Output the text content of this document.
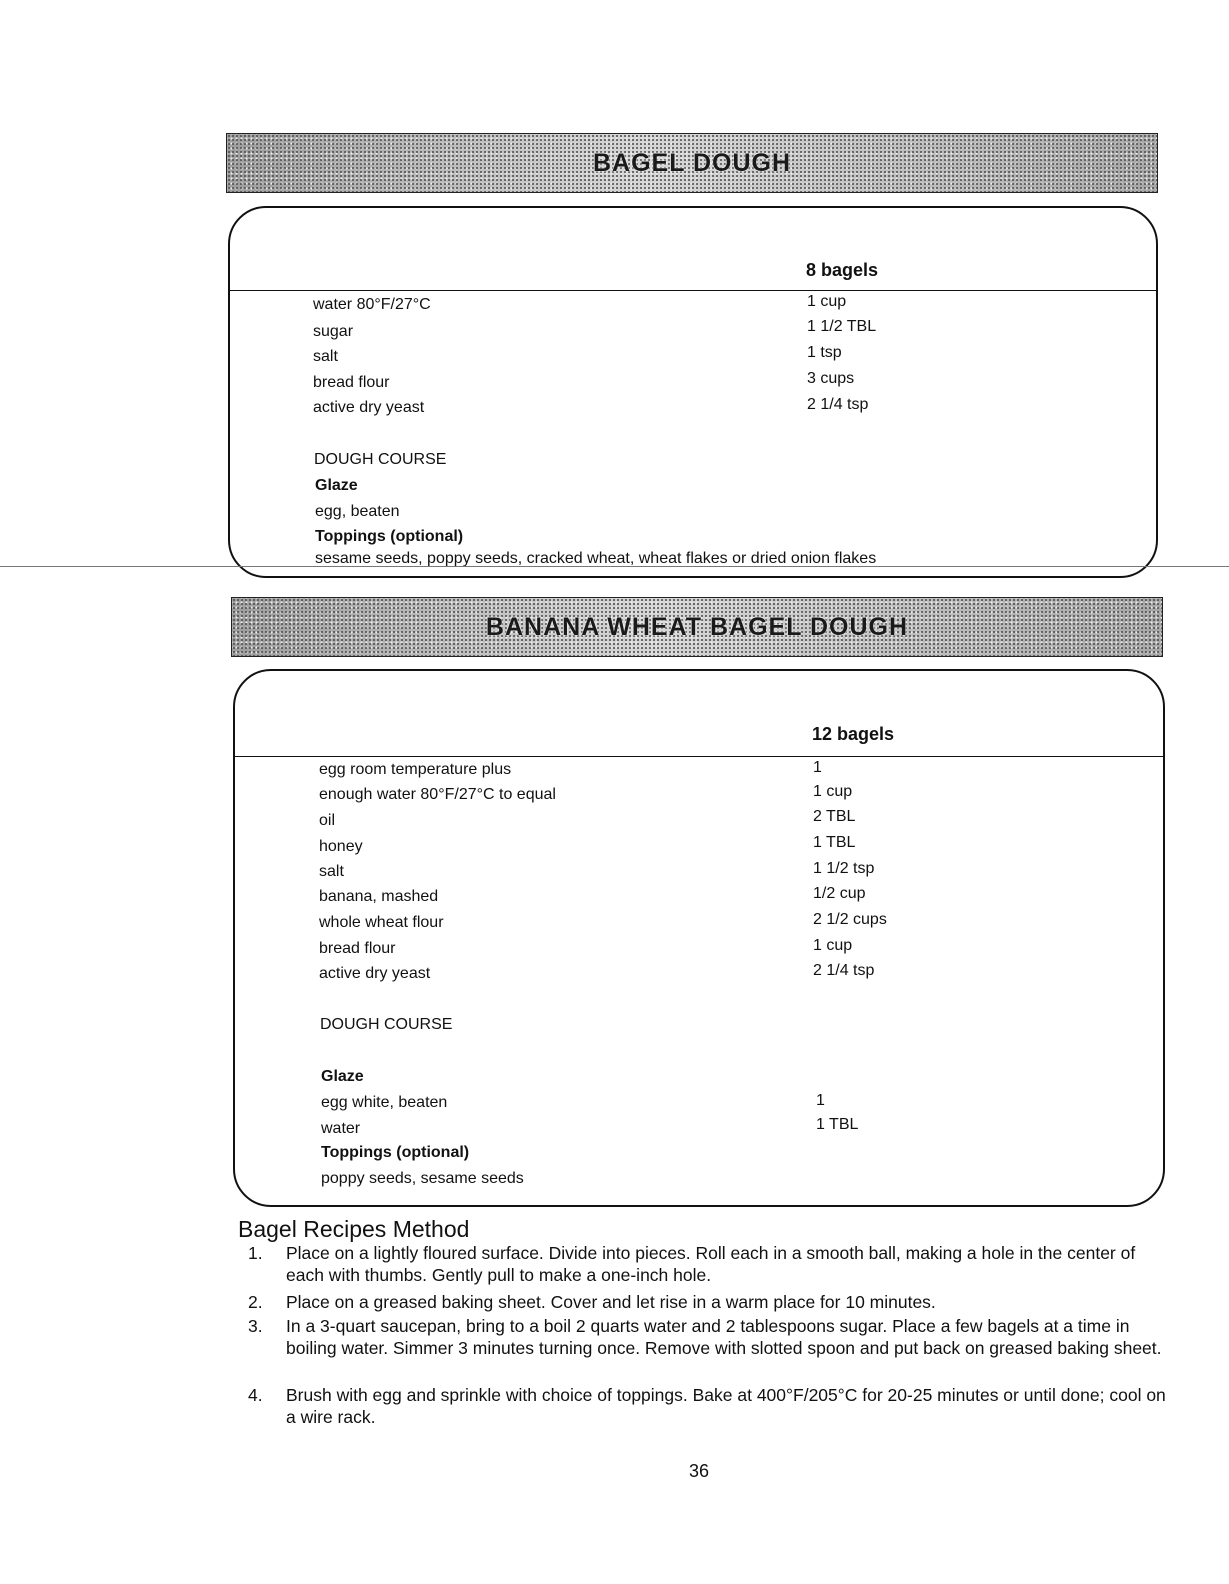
BAGEL DOUGH
8 bagels
water 80°F/27°C	1 cup
sugar	1 1/2 TBL
salt	1 tsp
bread flour	3 cups
active dry yeast	2 1/4 tsp
DOUGH COURSE
Glaze
egg, beaten
Toppings (optional)
sesame seeds, poppy seeds, cracked wheat, wheat flakes or dried onion flakes
BANANA WHEAT BAGEL DOUGH
12 bagels
egg room temperature plus	1
enough water 80°F/27°C to equal	1 cup
oil	2 TBL
honey	1 TBL
salt	1 1/2 tsp
banana, mashed	1/2 cup
whole wheat flour	2 1/2 cups
bread flour	1 cup
active dry yeast	2 1/4 tsp
DOUGH COURSE
Glaze
egg white, beaten	1
water	1 TBL
Toppings (optional)
poppy seeds, sesame seeds
Bagel Recipes Method
1. Place on a lightly floured surface. Divide into pieces. Roll each in a smooth ball, making a hole in the center of each with thumbs. Gently pull to make a one-inch hole.
2. Place on a greased baking sheet. Cover and let rise in a warm place for 10 minutes.
3. In a 3-quart saucepan, bring to a boil 2 quarts water and 2 tablespoons sugar. Place a few bagels at a time in boiling water. Simmer 3 minutes turning once. Remove with slotted spoon and put back on greased baking sheet.
4. Brush with egg and sprinkle with choice of toppings. Bake at 400°F/205°C for 20-25 minutes or until done; cool on a wire rack.
36
